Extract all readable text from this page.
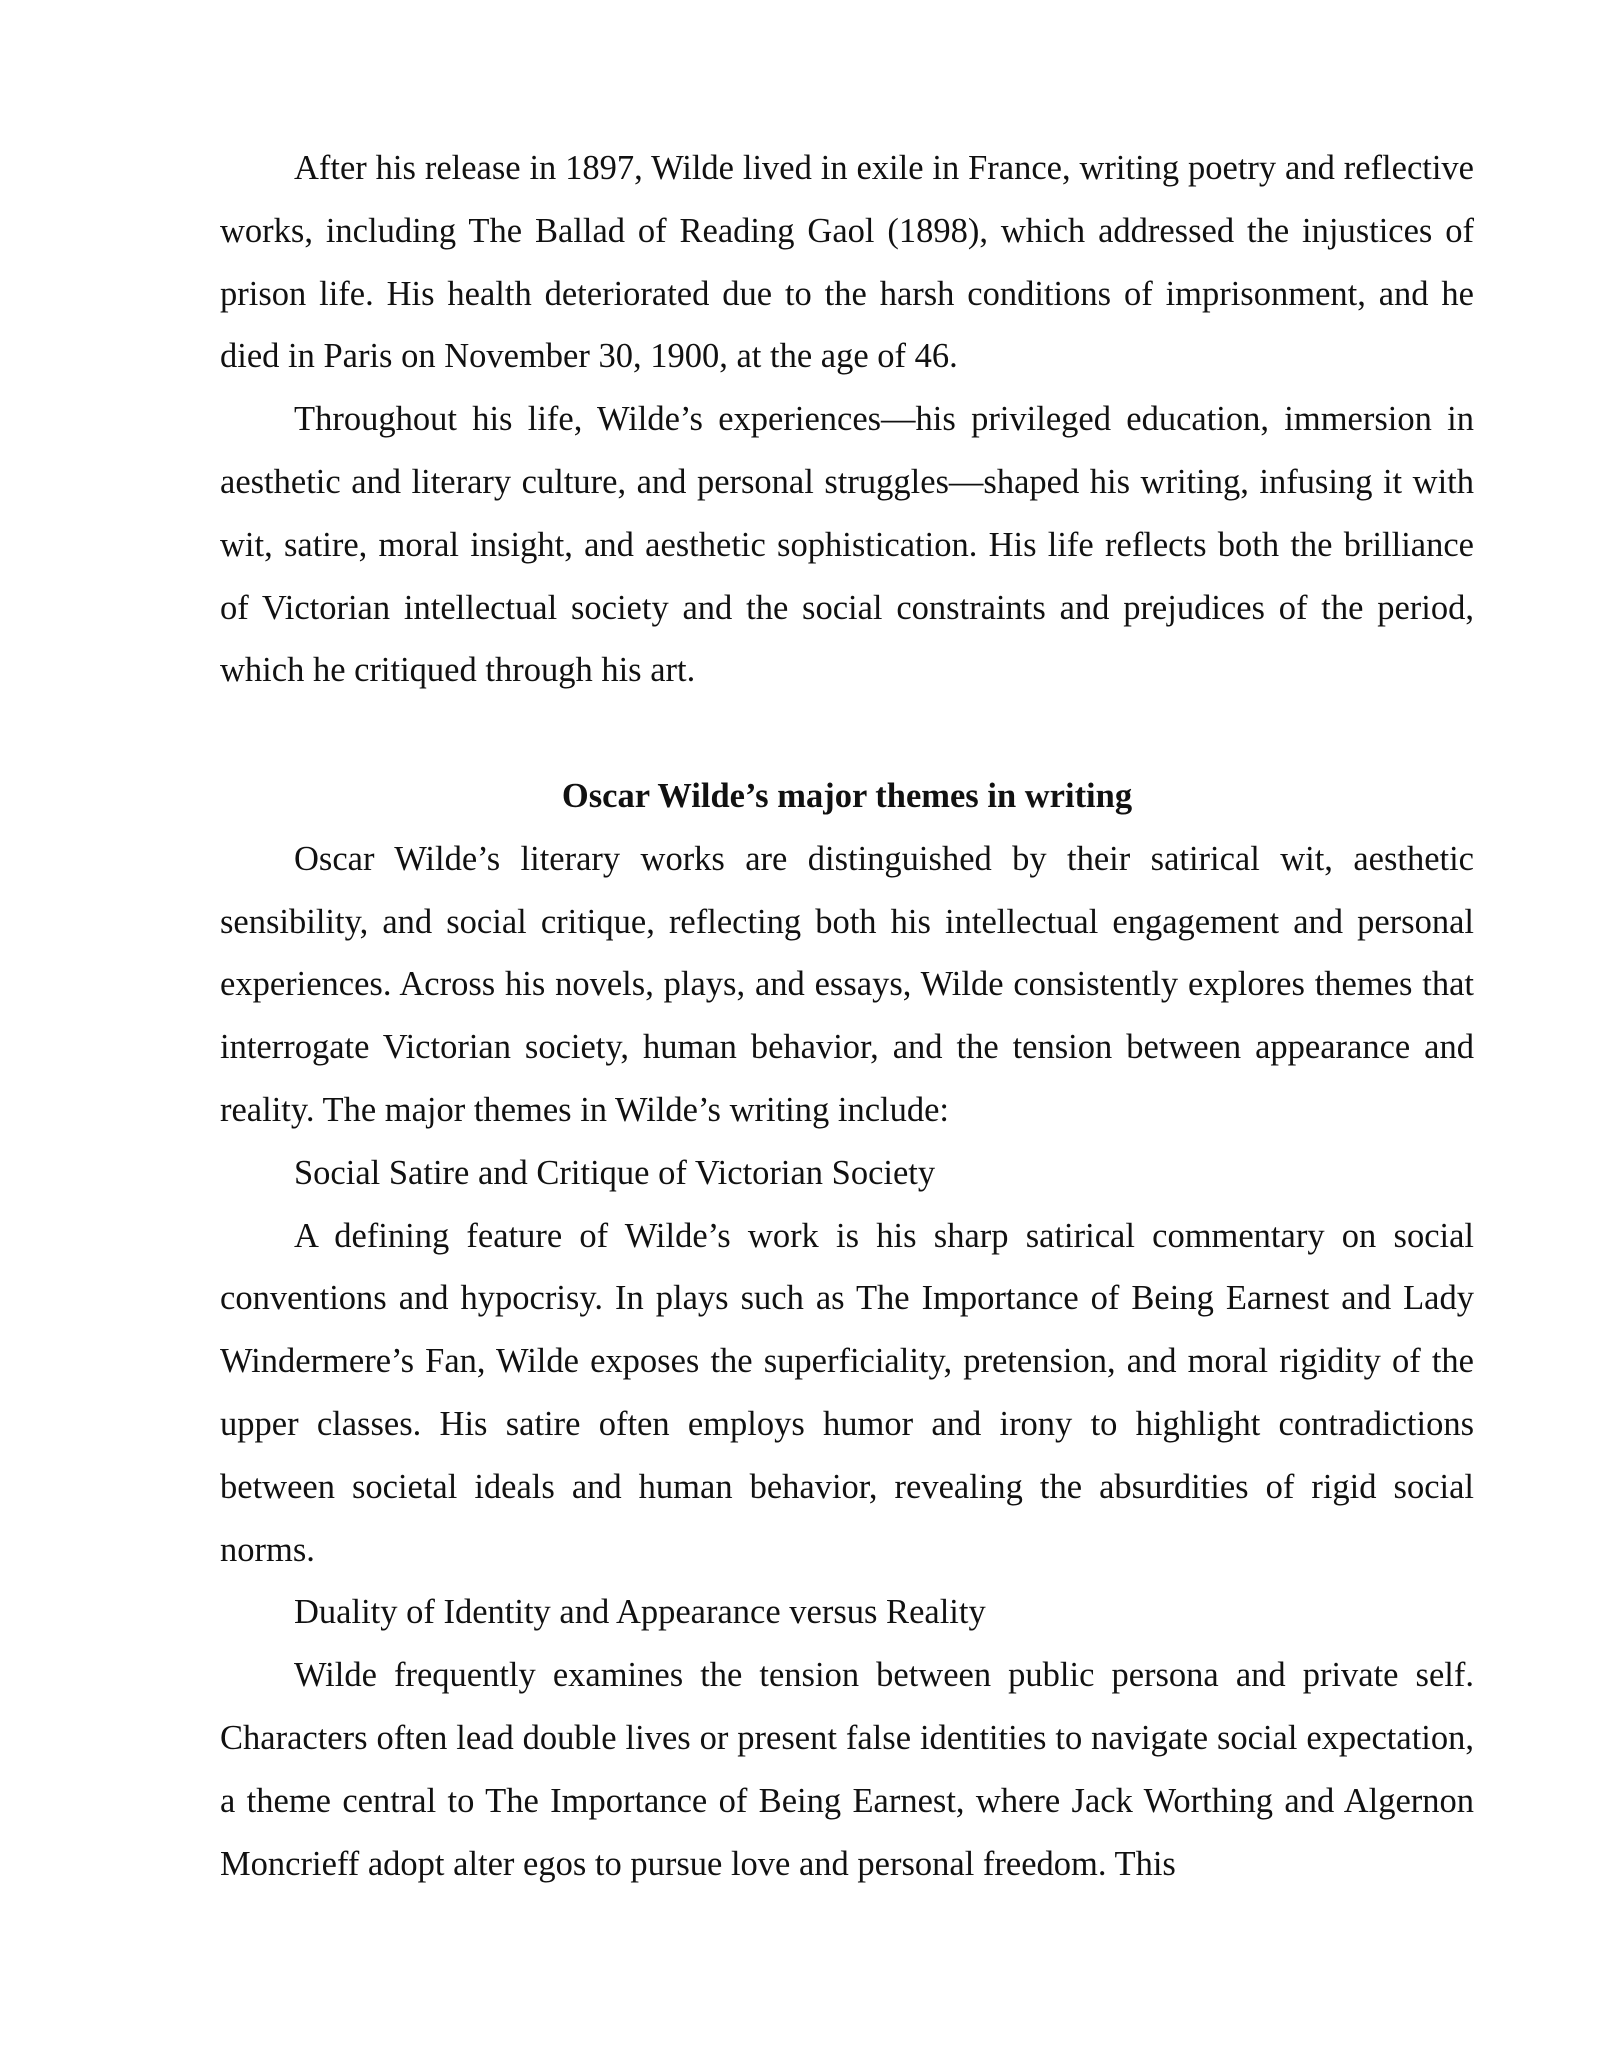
After his release in 1897, Wilde lived in exile in France, writing poetry and reflective works, including The Ballad of Reading Gaol (1898), which addressed the injustices of prison life. His health deteriorated due to the harsh conditions of imprisonment, and he died in Paris on November 30, 1900, at the age of 46.

Throughout his life, Wilde’s experiences—his privileged education, immersion in aesthetic and literary culture, and personal struggles—shaped his writing, infusing it with wit, satire, moral insight, and aesthetic sophistication. His life reflects both the brilliance of Victorian intellectual society and the social constraints and prejudices of the period, which he critiqued through his art.

Oscar Wilde’s major themes in writing

Oscar Wilde’s literary works are distinguished by their satirical wit, aesthetic sensibility, and social critique, reflecting both his intellectual engagement and personal experiences. Across his novels, plays, and essays, Wilde consistently explores themes that interrogate Victorian society, human behavior, and the tension between appearance and reality. The major themes in Wilde’s writing include:

Social Satire and Critique of Victorian Society

A defining feature of Wilde’s work is his sharp satirical commentary on social conventions and hypocrisy. In plays such as The Importance of Being Earnest and Lady Windermere’s Fan, Wilde exposes the superficiality, pretension, and moral rigidity of the upper classes. His satire often employs humor and irony to highlight contradictions between societal ideals and human behavior, revealing the absurdities of rigid social norms.

Duality of Identity and Appearance versus Reality

Wilde frequently examines the tension between public persona and private self. Characters often lead double lives or present false identities to navigate social expectation, a theme central to The Importance of Being Earnest, where Jack Worthing and Algernon Moncrieff adopt alter egos to pursue love and personal freedom. This
